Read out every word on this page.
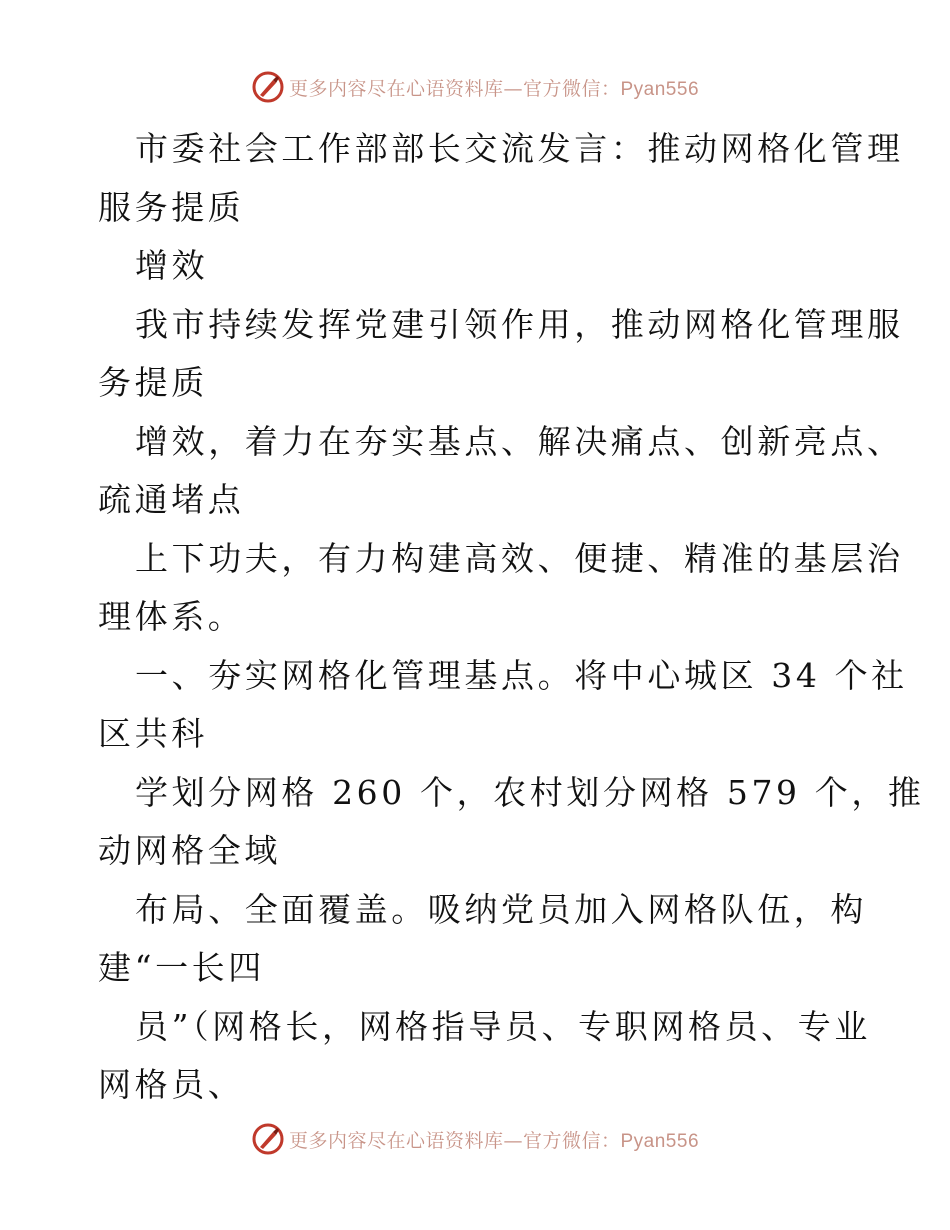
更多内容尽在心语资料库—官方微信：Pyan556
市委社会工作部部长交流发言：推动网格化管理
服务提质
增效
我市持续发挥党建引领作用，推动网格化管理服
务提质
增效，着力在夯实基点、解决痛点、创新亮点、
疏通堵点
上下功夫，有力构建高效、便捷、精准的基层治
理体系。
一、夯实网格化管理基点。将中心城区 34 个社
区共科
学划分网格 260 个，农村划分网格 579 个，推
动网格全域
布局、全面覆盖。吸纳党员加入网格队伍，构
建“一长四
员”（网格长，网格指导员、专职网格员、专业
网格员、
更多内容尽在心语资料库—官方微信：Pyan556
